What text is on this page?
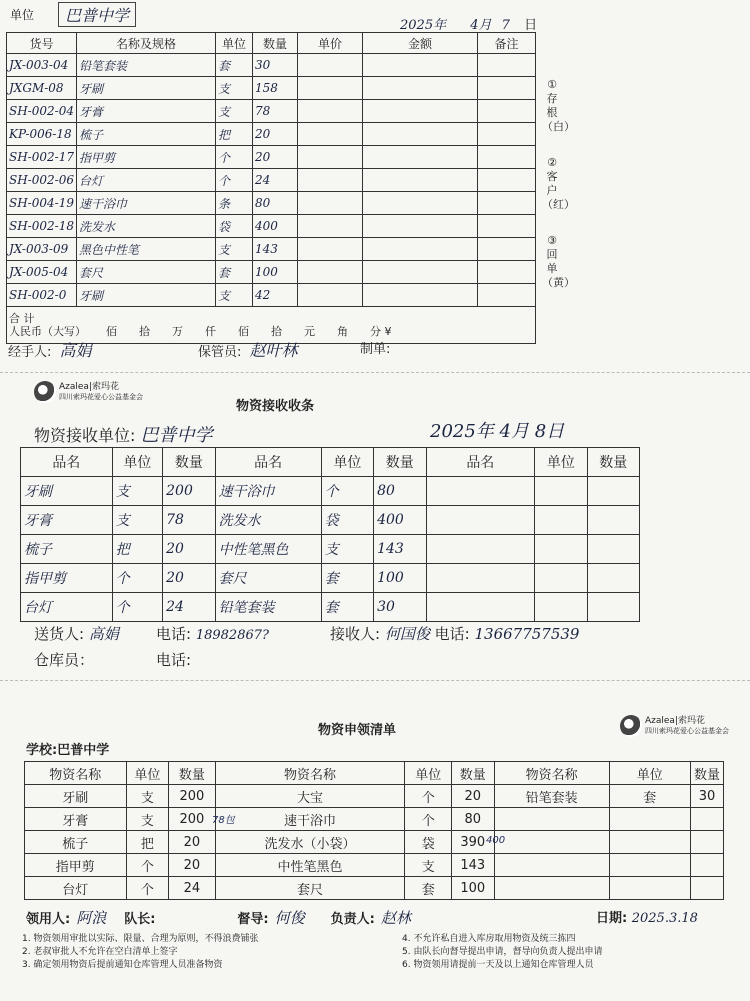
单位	巴普中学
2025年 4月 7 日
货号	名称及规格	单位	数量	单价	金额	备注
JX-003-04	铅笔套装	套	30			
JXGM-08	牙刷	支	158			
SH-002-04	牙膏	支	78			
KP-006-18	梳子	把	20			
SH-002-17	指甲剪	个	20			
SH-002-06	台灯	个	24			
SH-004-19	速干浴巾	条	80			
SH-002-18	洗发水	袋	400			
JX-003-09	黑色中性笔	支	143			
JX-005-04	套尺	套	100			
SH-002-0	牙刷	支	42			

合 计
人民币（大写） 佰　　拾　　万　　仟　　佰　　拾　　元　　角　　分 ¥						
①存根（白）
②客户（红）
③回单（黄）
经手人: 高娟	保管员: 赵叶林	制单:
Azalea|索玛花
四川索玛花爱心公益基金会
物资接收收条
物资接收单位: 巴普中学	2025年 4月 8日
品名	单位	数量	品名	单位	数量	品名	单位	数量
牙刷	支	200	速干浴巾	个	80			
牙膏	支	78	洗发水	袋	400			
梳子	把	20	中性笔黑色	支	143			
指甲剪	个	20	套尺	套	100			
台灯	个	24	铅笔套装	套	30			
送货人: 高娟 电话: 18982867?	接收人: 何国俊 电话: 13667757539
仓库员：	电话:
物资申领清单
Azalea|索玛花
四川索玛花爱心公益基金会
学校:巴普中学
物资名称	单位	数量	物资名称	单位	数量	物资名称	单位	数量
牙刷	支	200	大宝	个	20	铅笔套装	套	30
牙膏	支	200	速干浴巾	个	80			
梳子	把	20	洗发水（小袋）	袋	390			
指甲剪	个	20	中性笔黑色	支	143			
台灯	个	24	套尺	套	100			
78包
400
领用人: 阿浪	队长:	督导: 何俊	负责人: 赵林	日期: 2025.3.18
1. 物资领用审批以实际、限量、合理为原则，不得浪费铺张
2. 老叔审批人不允许在空白清单上签字
3. 确定领用物资后提前通知仓库管理人员准备物资
4. 不允许私自进入库房取用物资及统三拣四
5. 由队长向督导提出申请，督导向负责人提出申请
6. 物资领用请提前一天及以上通知仓库管理人员
